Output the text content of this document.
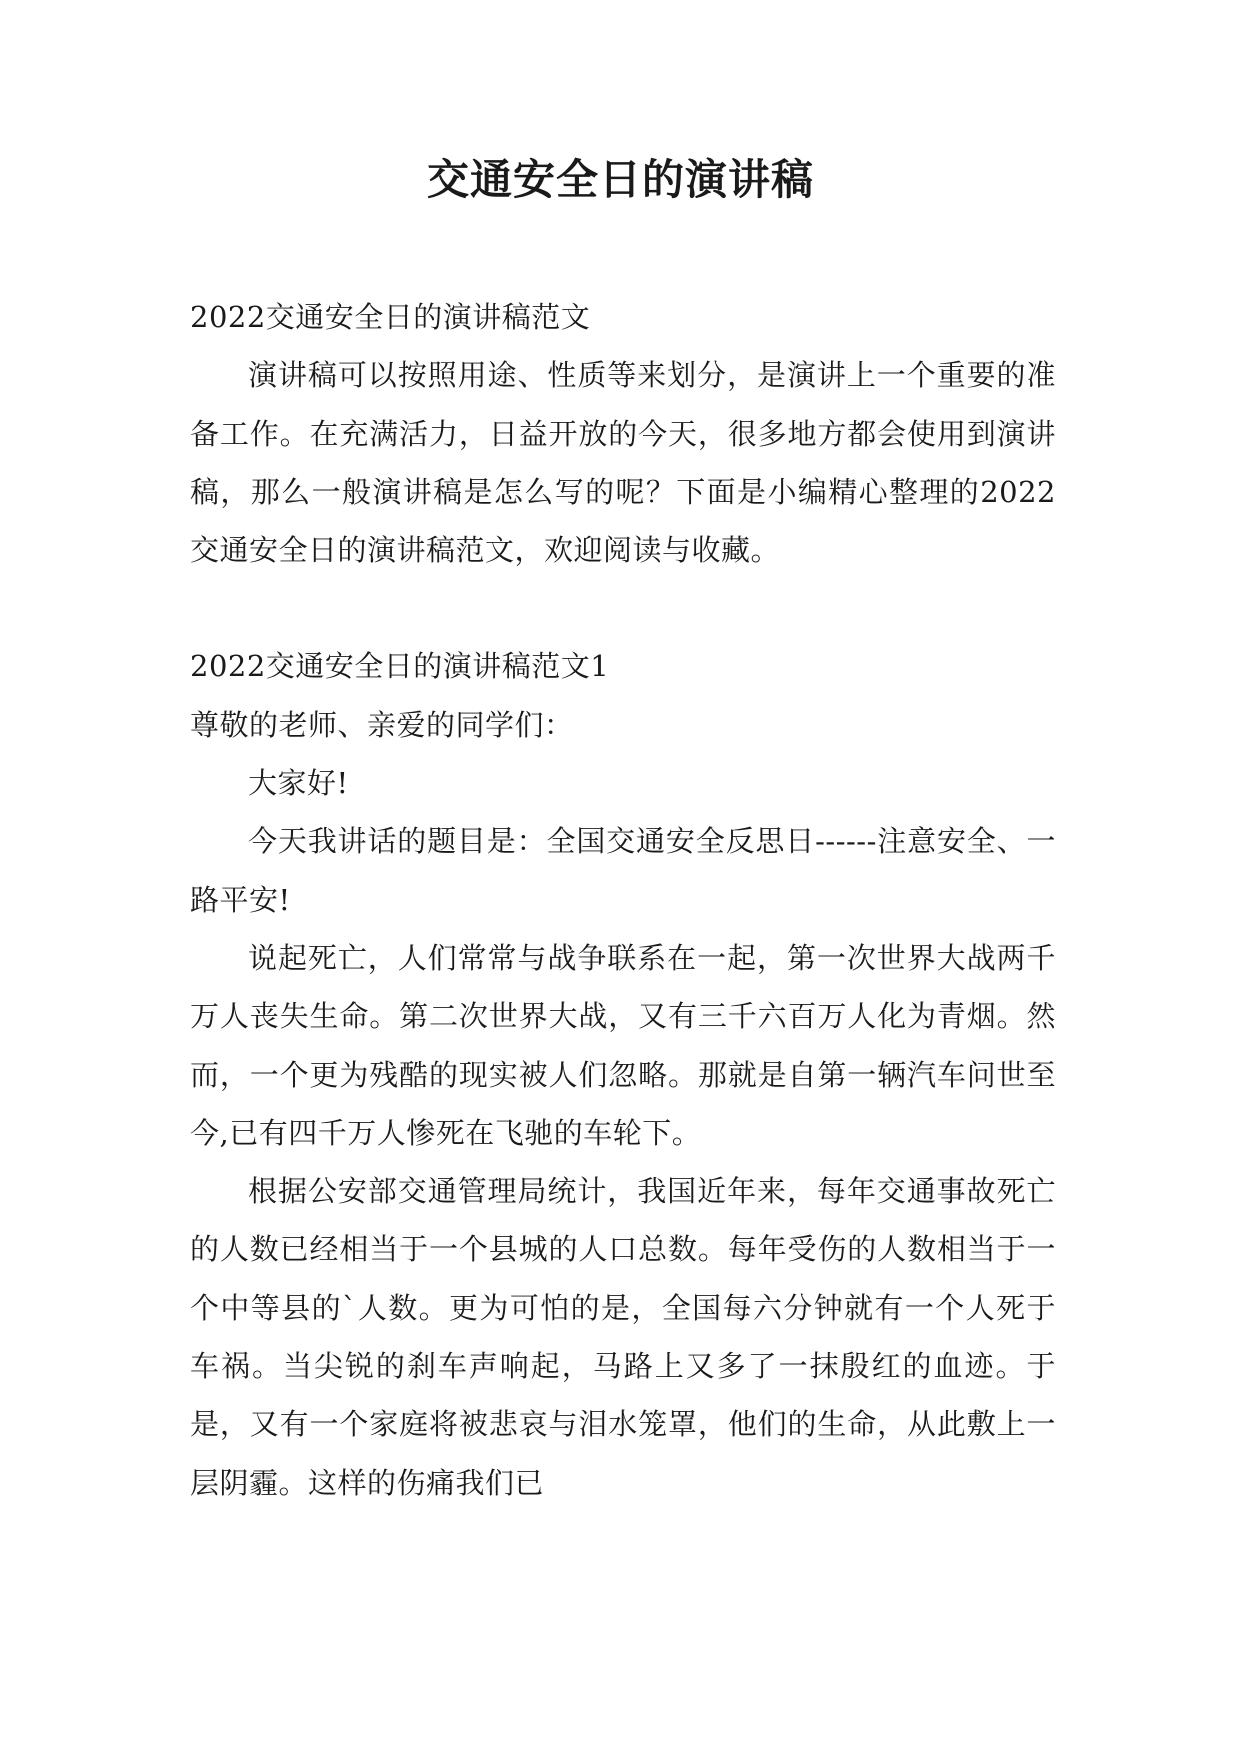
交通安全日的演讲稿

2022交通安全日的演讲稿范文

演讲稿可以按照用途、性质等来划分，是演讲上一个重要的准备工作。在充满活力，日益开放的今天，很多地方都会使用到演讲稿，那么一般演讲稿是怎么写的呢？下面是小编精心整理的2022交通安全日的演讲稿范文，欢迎阅读与收藏。

2022交通安全日的演讲稿范文1

尊敬的老师、亲爱的同学们：

大家好!

今天我讲话的题目是：全国交通安全反思日------注意安全、一路平安!

说起死亡，人们常常与战争联系在一起，第一次世界大战两千万人丧失生命。第二次世界大战，又有三千六百万人化为青烟。然而，一个更为残酷的现实被人们忽略。那就是自第一辆汽车问世至今,已有四千万人惨死在飞驰的车轮下。

根据公安部交通管理局统计，我国近年来，每年交通事故死亡的人数已经相当于一个县城的人口总数。每年受伤的人数相当于一个中等县的`人数。更为可怕的是，全国每六分钟就有一个人死于车祸。当尖锐的刹车声响起，马路上又多了一抹殷红的血迹。于是，又有一个家庭将被悲哀与泪水笼罩，他们的生命，从此敷上一层阴霾。这样的伤痛我们已
